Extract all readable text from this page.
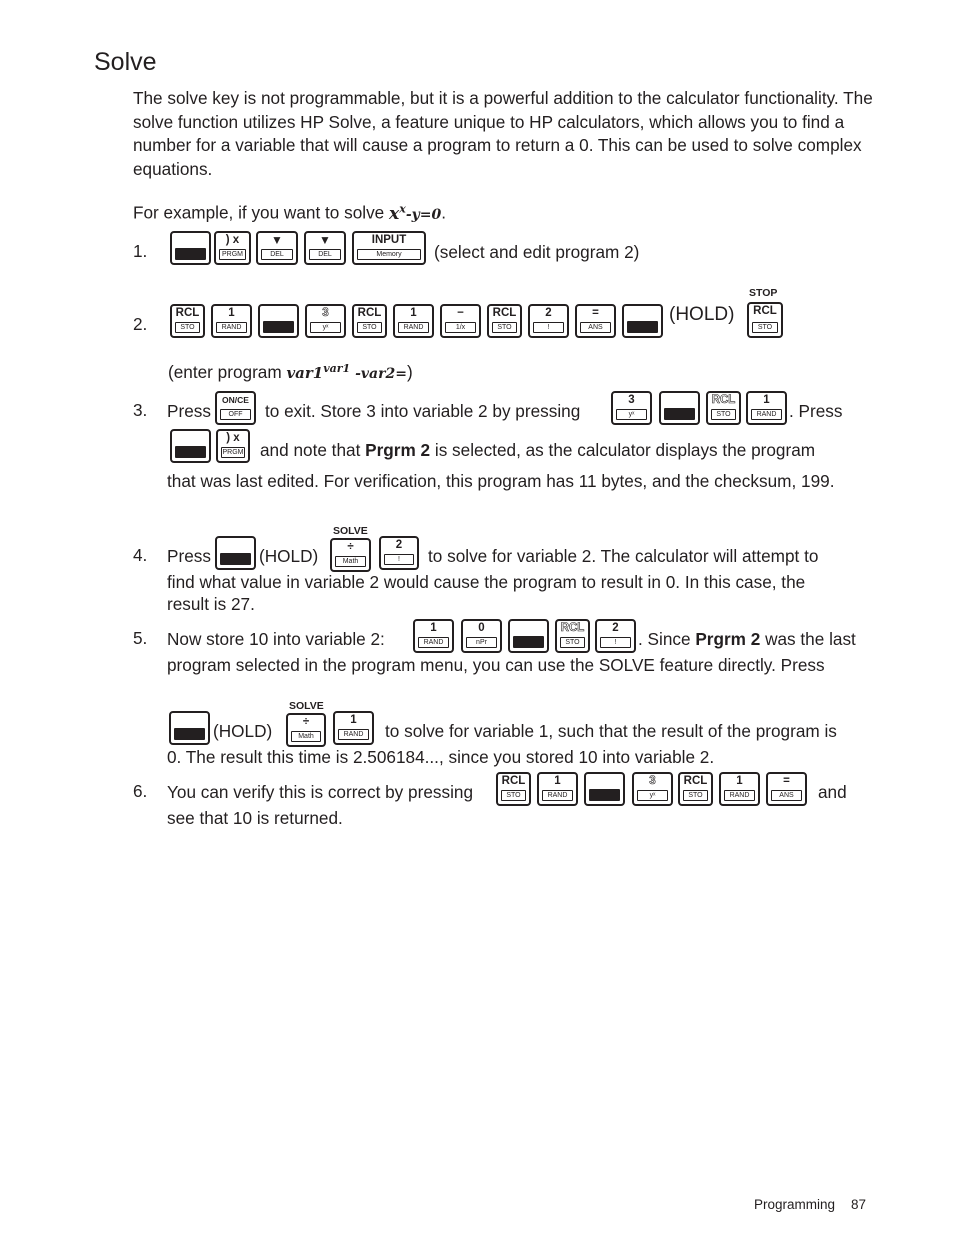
Solve
The solve key is not programmable, but it is a powerful addition to the calculator functionality. The solve function utilizes HP Solve, a feature unique to HP calculators, which allows you to find a number for a variable that will cause a program to return a 0. This can be used to solve complex equations.
For example, if you want to solve $x^x-y=0$.
1.
) x
PRGM
▼
DEL
▼
DEL
INPUT
Memory	(select and edit program 2)
2.
RCL
STO
1
RAND
3
yˣ
RCL
STO
1
RAND
−
1/x
RCL
STO
2
!
=
ANS
(HOLD)
STOP
RCL
STO
(enter program $var1^{var1}$ -var2=)
3. Press
ON/CE
OFF	to exit. Store 3 into variable 2 by pressing
3
yˣ
RCL
STO
1
RAND . Press
) x
PRGM and note that Prgrm 2 is selected, as the calculator displays the program
that was last edited. For verification, this program has 11 bytes, and the checksum, 199.
4. Press	(HOLD)
SOLVE
÷
Math
2
!	to solve for variable 2. The calculator will attempt to
find what value in variable 2 would cause the program to result in 0. In this case, the
result is 27.
5. Now store 10 into variable 2:
1
RAND
0
nPr
RCL
STO
2
!	. Since Prgrm 2 was the last
program selected in the program menu, you can use the SOLVE feature directly. Press
(HOLD)
SOLVE
÷
Math
1
RAND	to solve for variable 1, such that the result of the program is
0. The result this time is 2.506184..., since you stored 10 into variable 2.
6. You can verify this is correct by pressing
RCL
STO
1
RAND
3
yˣ
RCL
STO
1
RAND
=
ANS	and
see that 10 is returned.
Programming 87
